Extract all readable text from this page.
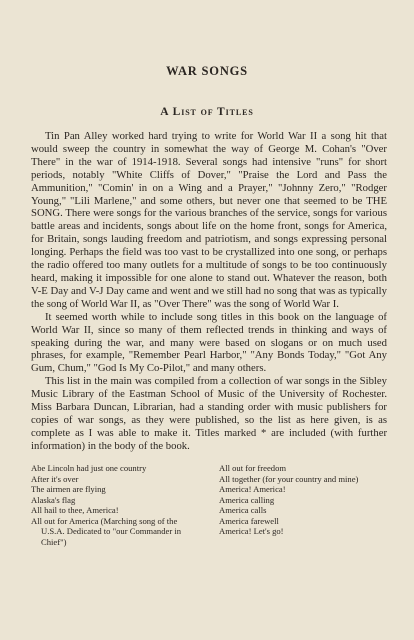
WAR SONGS
A List of Titles

Tin Pan Alley worked hard trying to write for World War II a song hit that would sweep the country in somewhat the way of George M. Cohan's "Over There" in the war of 1914-1918. Several songs had intensive "runs" for short periods, notably "White Cliffs of Dover," "Praise the Lord and Pass the Ammunition," "Comin' in on a Wing and a Prayer," "Johnny Zero," "Rodger Young," "Lili Marlene," and some others, but never one that seemed to be THE SONG. There were songs for the various branches of the service, songs for various battle areas and incidents, songs about life on the home front, songs for America, for Britain, songs lauding freedom and patriotism, and songs expressing personal longing. Perhaps the field was too vast to be crystallized into one song, or perhaps the radio offered too many outlets for a multitude of songs to be too continuously heard, making it impossible for one alone to stand out. Whatever the reason, both V-E Day and V-J Day came and went and we still had no song that was as typically the song of World War II, as "Over There" was the song of World War I.

It seemed worth while to include song titles in this book on the language of World War II, since so many of them reflected trends in thinking and ways of speaking during the war, and many were based on slogans or on much used phrases, for example, "Remember Pearl Harbor," "Any Bonds Today," "Got Any Gum, Chum," "God Is My Co-Pilot," and many others.

This list in the main was compiled from a collection of war songs in the Sibley Music Library of the Eastman School of Music of the University of Rochester. Miss Barbara Duncan, Librarian, had a standing order with music publishers for copies of war songs, as they were published, so the list as here given, is as complete as I was able to make it. Titles marked * are included (with further information) in the body of the book.

Abe Lincoln had just one country
After it's over
The airmen are flying
Alaska's flag
All hail to thee, America!
All out for America (Marching song of the U.S.A. Dedicated to "our Commander in Chief")
All out for freedom
All together (for your country and mine)
America! America!
America calling
America calls
America farewell
America! Let's go!
